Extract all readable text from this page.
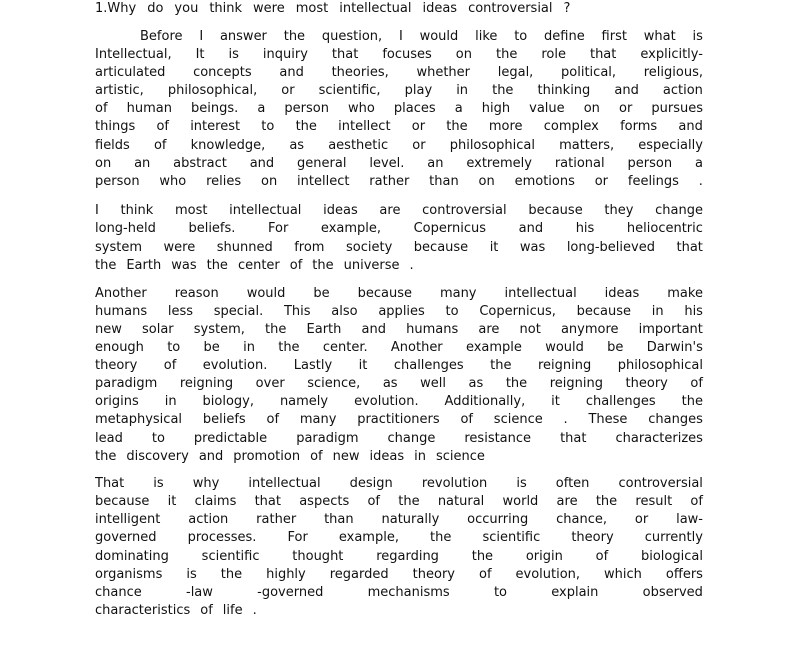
1.Why do you think were most intellectual ideas controversial ?
Before I answer the question, I would like to define first what is
Intellectual, It is inquiry that focuses on the role that explicitly-
articulated concepts and theories, whether legal, political, religious,
artistic, philosophical, or scientific, play in the thinking and action
of human beings. a person who places a high value on or pursues
things of interest to the intellect or the more complex forms and
fields of knowledge, as aesthetic or philosophical matters, especially
on an abstract and general level. an extremely rational person a
person who relies on intellect rather than on emotions or feelings .
I think most intellectual ideas are controversial because they change
long-held	beliefs.	For	example,	Copernicus	and	his	heliocentric
system were shunned from society because it was long-believed that
the Earth was the center of the universe .
Another reason would be because many intellectual ideas make
humans less special. This also applies to Copernicus, because in his
new solar system, the Earth and humans are not anymore important
enough to be in the center. Another example would be Darwin's
theory of evolution. Lastly it challenges the reigning philosophical
paradigm reigning over science, as well as the reigning theory of
origins in biology, namely evolution. Additionally, it challenges the
metaphysical beliefs of many practitioners of science . These changes
lead to predictable paradigm change resistance that characterizes
the discovery and promotion of new ideas in science
That is why intellectual design revolution is often controversial
because it claims that aspects of the natural world are the result of
intelligent action rather than naturally occurring chance, or law-
governed processes. For example, the scientific theory currently
dominating	scientific	thought	regarding	the	origin	of	biological
organisms is the highly regarded theory of evolution, which offers
chance	-law	-governed	mechanisms	to	explain	observed
characteristics of life .
